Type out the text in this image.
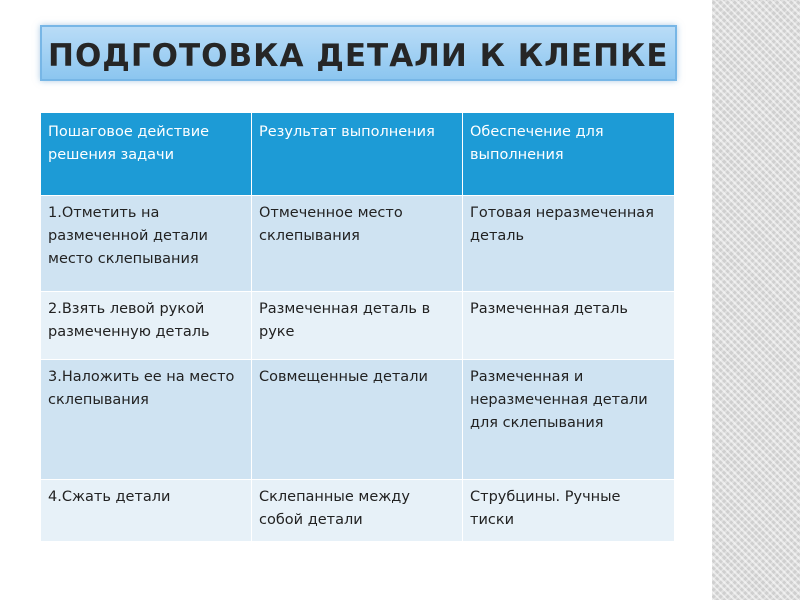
ПОДГОТОВКА ДЕТАЛИ К КЛЕПКЕ
Пошаговое действие решения задачи	Результат выполнения	Обеспечение для выполнения
1.Отметить на размеченной детали место склепывания	Отмеченное место склепывания	Готовая неразмеченная деталь
2.Взять левой рукой размеченную деталь	Размеченная деталь в руке	Размеченная деталь
3.Наложить ее на место склепывания	Совмещенные детали	Размеченная и неразмеченная детали для склепывания
4.Сжать детали	Склепанные между собой детали	Струбцины. Ручные тиски
